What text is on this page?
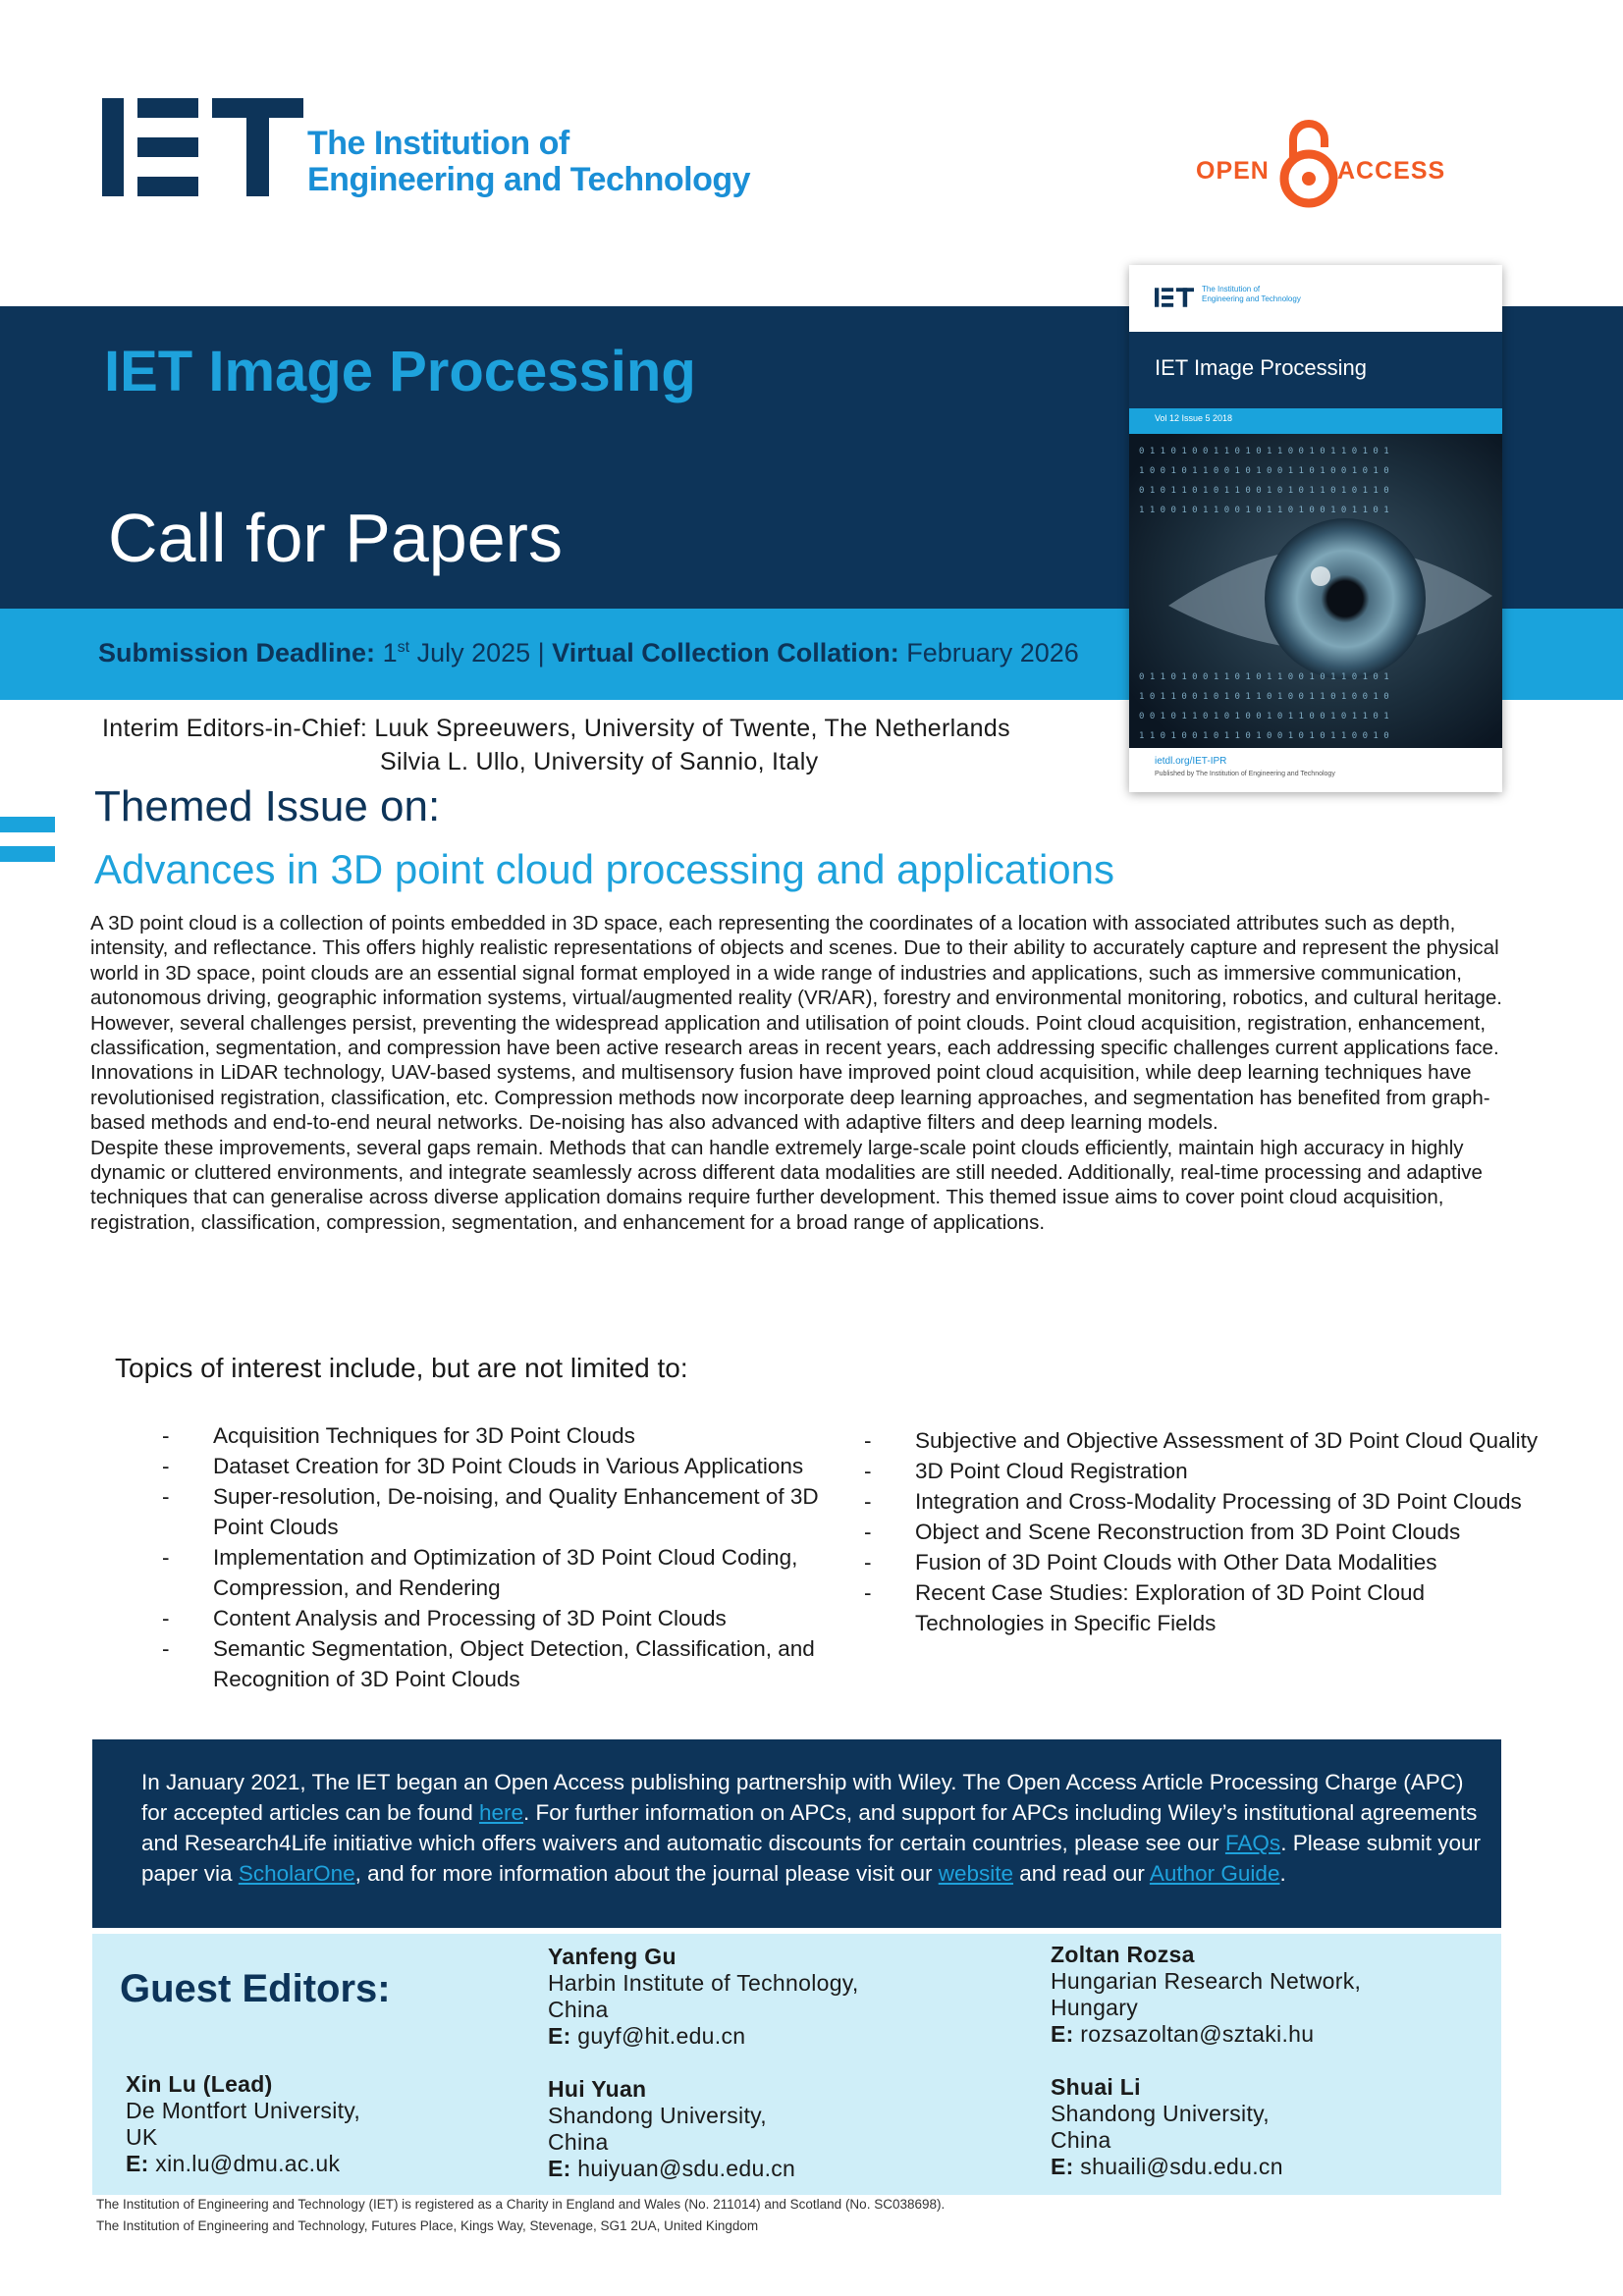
The Institution of
Engineering and Technology	OPEN	ACCESS
IET Image Processing
Call for Papers
Submission Deadline: 1st July 2025 | Virtual Collection Collation: February 2026
The Institution of
Engineering and Technology
IET Image Processing
Vol 12 Issue 5 2018
0 1 1 0 1 0 0 1 1 0 1 0 1 1 0 0 1 0 1 1 0 1 0 1
1 0 0 1 0 1 1 0 0 1 0 1 0 0 1 1 0 1 0 0 1 0 1 0
0 1 0 1 1 0 1 0 1 1 0 0 1 0 1 0 1 1 0 1 0 1 1 0
1 1 0 0 1 0 1 1 0 0 1 0 1 1 0 1 0 0 1 0 1 1 0 1
0 1 1 0 1 0 0 1 1 0 1 0 1 1 0 0 1 0 1 1 0 1 0 1
1 0 1 1 0 0 1 0 1 0 1 1 0 1 0 0 1 1 0 1 0 0 1 0
0 0 1 0 1 1 0 1 0 1 0 0 1 0 1 1 0 0 1 0 1 1 0 1
1 1 0 1 0 0 1 0 1 1 0 1 0 0 1 0 1 0 1 1 0 0 1 0
ietdl.org/IET-IPR
Published by The Institution of Engineering and Technology
Interim Editors-in-Chief: Luuk Spreeuwers, University of Twente, The Netherlands
Silvia L. Ullo, University of Sannio, Italy
Themed Issue on:
Advances in 3D point cloud processing and applications

A 3D point cloud is a collection of points embedded in 3D space, each representing the coordinates of a location with associated attributes such as depth, intensity, and reflectance. This offers highly realistic representations of objects and scenes. Due to their ability to accurately capture and represent the physical world in 3D space, point clouds are an essential signal format employed in a wide range of industries and applications, such as immersive communication, autonomous driving, geographic information systems, virtual/augmented reality (VR/AR), forestry and environmental monitoring, robotics, and cultural heritage.

However, several challenges persist, preventing the widespread application and utilisation of point clouds. Point cloud acquisition, registration, enhancement, classification, segmentation, and compression have been active research areas in recent years, each addressing specific challenges current applications face. Innovations in LiDAR technology, UAV-based systems, and multisensory fusion have improved point cloud acquisition, while deep learning techniques have revolutionised registration, classification, etc. Compression methods now incorporate deep learning approaches, and segmentation has benefited from graph-based methods and end-to-end neural networks. De-noising has also advanced with adaptive filters and deep learning models.

Despite these improvements, several gaps remain. Methods that can handle extremely large-scale point clouds efficiently, maintain high accuracy in highly dynamic or cluttered environments, and integrate seamlessly across different data modalities are still needed. Additionally, real-time processing and adaptive techniques that can generalise across diverse application domains require further development. This themed issue aims to cover point cloud acquisition, registration, classification, compression, segmentation, and enhancement for a broad range of applications.

Topics of interest include, but are not limited to:
- Acquisition Techniques for 3D Point Clouds
- Dataset Creation for 3D Point Clouds in Various Applications
- Super-resolution, De-noising, and Quality Enhancement of 3D Point Clouds
- Implementation and Optimization of 3D Point Cloud Coding, Compression, and Rendering
- Content Analysis and Processing of 3D Point Clouds
- Semantic Segmentation, Object Detection, Classification, and Recognition of 3D Point Clouds
- Subjective and Objective Assessment of 3D Point Cloud Quality
- 3D Point Cloud Registration
- Integration and Cross-Modality Processing of 3D Point Clouds
- Object and Scene Reconstruction from 3D Point Clouds
- Fusion of 3D Point Clouds with Other Data Modalities
- Recent Case Studies: Exploration of 3D Point Cloud Technologies in Specific Fields
In January 2021, The IET began an Open Access publishing partnership with Wiley. The Open Access Article Processing Charge (APC) for accepted articles can be found here. For further information on APCs, and support for APCs including Wiley’s institutional agreements and Research4Life initiative which offers waivers and automatic discounts for certain countries, please see our FAQs. Please submit your paper via ScholarOne, and for more information about the journal please visit our website and read our Author Guide.
Guest Editors:
Xin Lu (Lead)
De Montfort University,
UK
E: xin.lu@dmu.ac.uk
Yanfeng Gu
Harbin Institute of Technology,
China
E: guyf@hit.edu.cn
Hui Yuan
Shandong University,
China
E: huiyuan@sdu.edu.cn
Zoltan Rozsa
Hungarian Research Network,
Hungary
E: rozsazoltan@sztaki.hu
Shuai Li
Shandong University,
China
E: shuaili@sdu.edu.cn
The Institution of Engineering and Technology (IET) is registered as a Charity in England and Wales (No. 211014) and Scotland (No. SC038698).
The Institution of Engineering and Technology, Futures Place, Kings Way, Stevenage, SG1 2UA, United Kingdom
